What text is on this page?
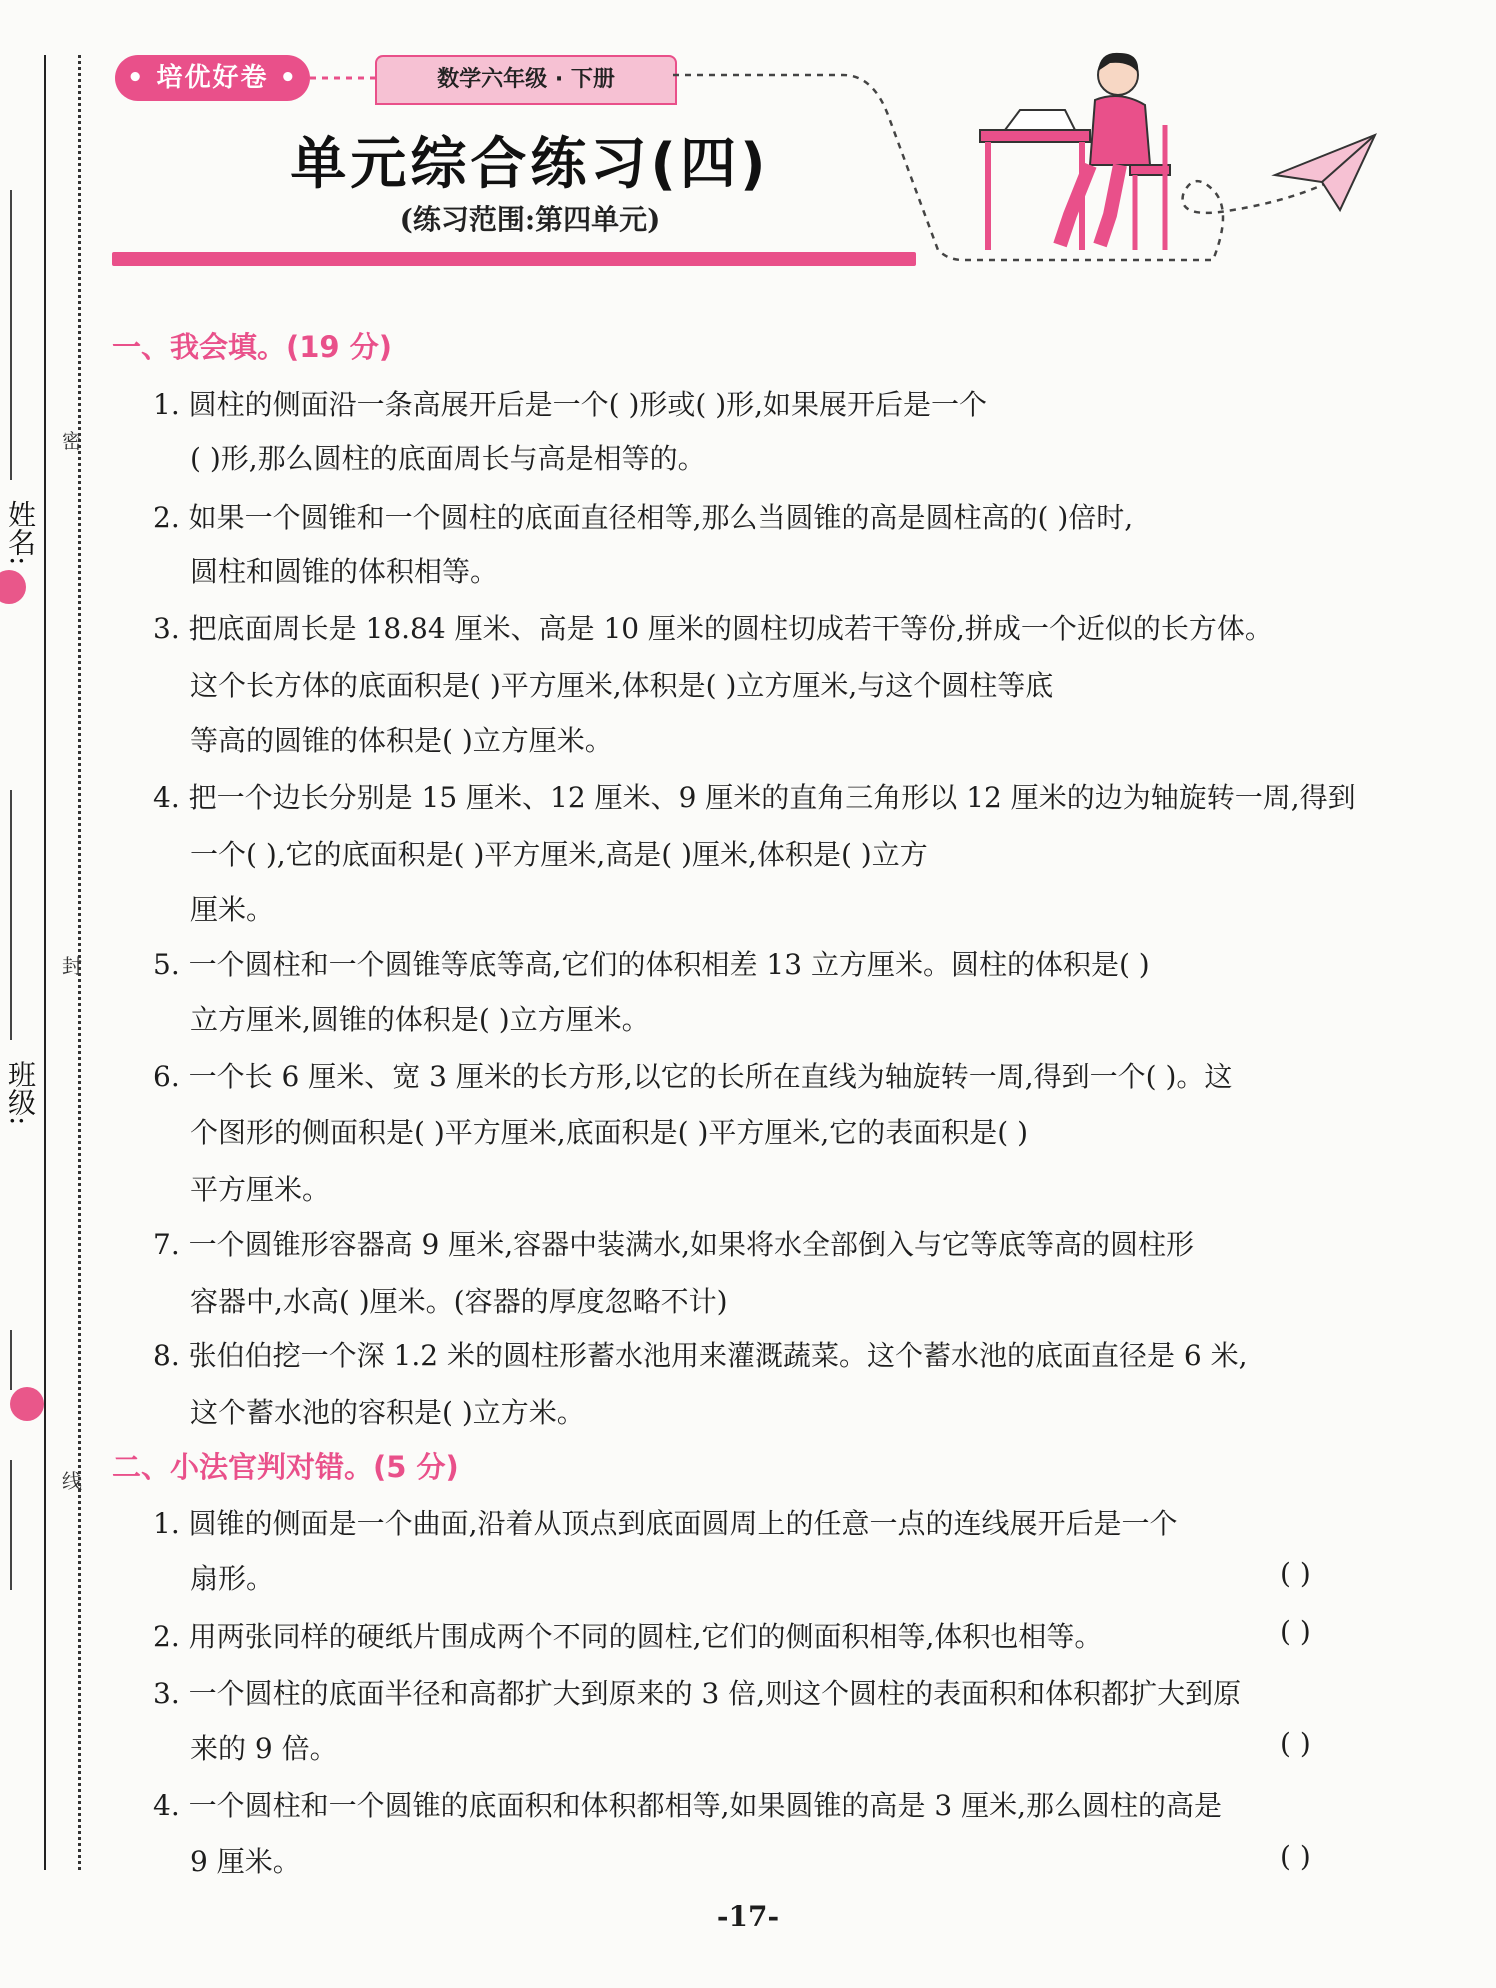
密
封
线
姓名:
班级:
• 培优好卷 •	数学六年级 · 下册
单元综合练习(四)
(练习范围:第四单元)
一、我会填。(19 分)
1. 圆柱的侧面沿一条高展开后是一个( )形或( )形,如果展开后是一个
( )形,那么圆柱的底面周长与高是相等的。
2. 如果一个圆锥和一个圆柱的底面直径相等,那么当圆锥的高是圆柱高的( )倍时,
圆柱和圆锥的体积相等。
3. 把底面周长是 18.84 厘米、高是 10 厘米的圆柱切成若干等份,拼成一个近似的长方体。
这个长方体的底面积是( )平方厘米,体积是( )立方厘米,与这个圆柱等底
等高的圆锥的体积是( )立方厘米。
4. 把一个边长分别是 15 厘米、12 厘米、9 厘米的直角三角形以 12 厘米的边为轴旋转一周,得到
一个( ),它的底面积是( )平方厘米,高是( )厘米,体积是( )立方
厘米。
5. 一个圆柱和一个圆锥等底等高,它们的体积相差 13 立方厘米。圆柱的体积是( )
立方厘米,圆锥的体积是( )立方厘米。
6. 一个长 6 厘米、宽 3 厘米的长方形,以它的长所在直线为轴旋转一周,得到一个( )。这
个图形的侧面积是( )平方厘米,底面积是( )平方厘米,它的表面积是( )
平方厘米。
7. 一个圆锥形容器高 9 厘米,容器中装满水,如果将水全部倒入与它等底等高的圆柱形
容器中,水高( )厘米。(容器的厚度忽略不计)
8. 张伯伯挖一个深 1.2 米的圆柱形蓄水池用来灌溉蔬菜。这个蓄水池的底面直径是 6 米,
这个蓄水池的容积是( )立方米。
二、小法官判对错。(5 分)
1. 圆锥的侧面是一个曲面,沿着从顶点到底面圆周上的任意一点的连线展开后是一个
扇形。	( )
2. 用两张同样的硬纸片围成两个不同的圆柱,它们的侧面积相等,体积也相等。	( )
3. 一个圆柱的底面半径和高都扩大到原来的 3 倍,则这个圆柱的表面积和体积都扩大到原
来的 9 倍。	( )
4. 一个圆柱和一个圆锥的底面积和体积都相等,如果圆锥的高是 3 厘米,那么圆柱的高是
9 厘米。	( )
-17-
